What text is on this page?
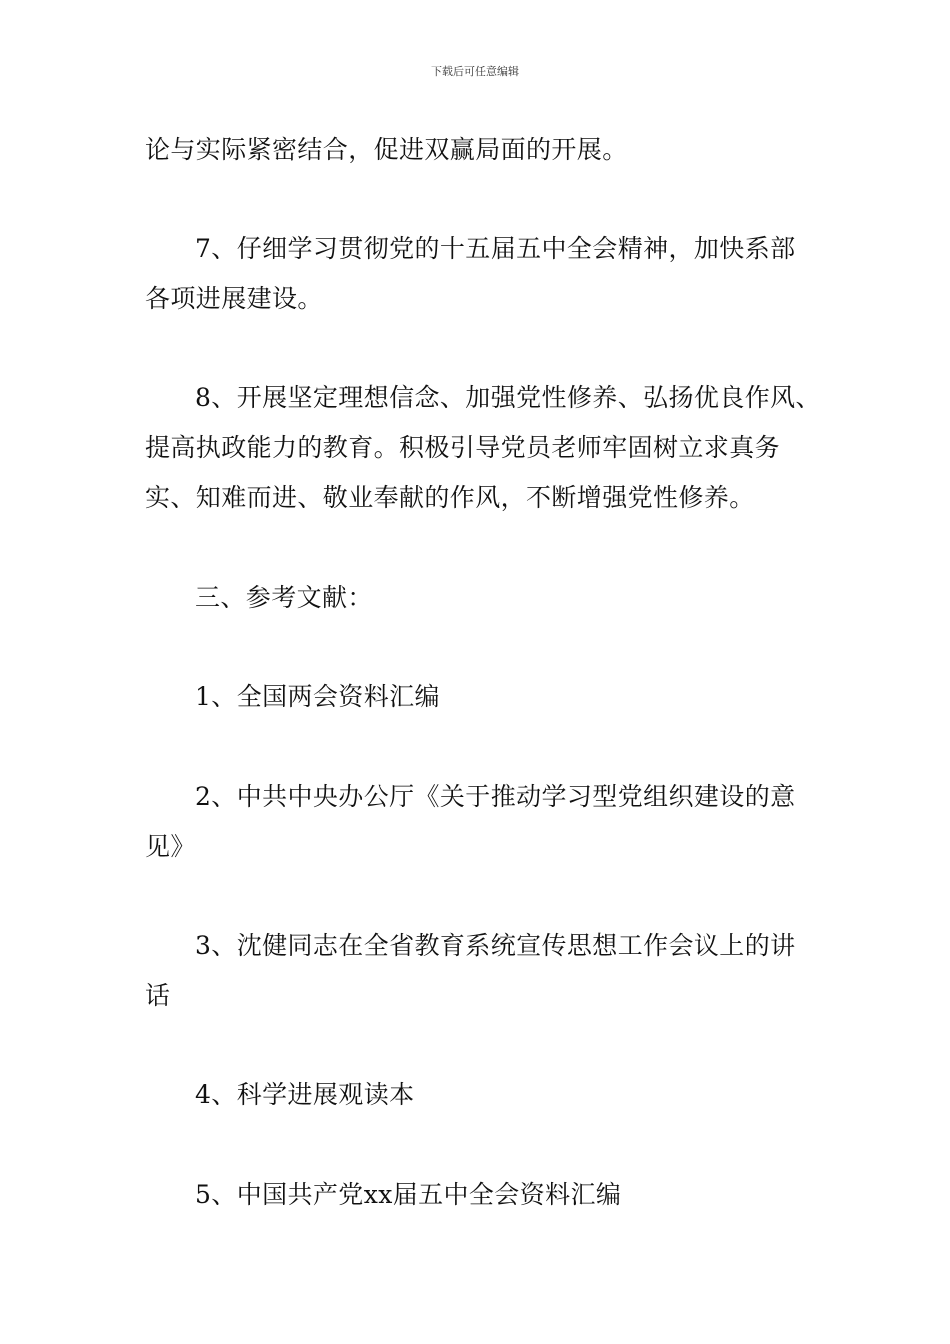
下载后可任意编辑
论与实际紧密结合，促进双赢局面的开展。
7、仔细学习贯彻党的十五届五中全会精神，加快系部
各项进展建设。
8、开展坚定理想信念、加强党性修养、弘扬优良作风、
提高执政能力的教育。积极引导党员老师牢固树立求真务
实、知难而进、敬业奉献的作风，不断增强党性修养。
三、参考文献：
1、全国两会资料汇编
2、中共中央办公厅《关于推动学习型党组织建设的意
见》
3、沈健同志在全省教育系统宣传思想工作会议上的讲
话
4、科学进展观读本
5、中国共产党xx届五中全会资料汇编
